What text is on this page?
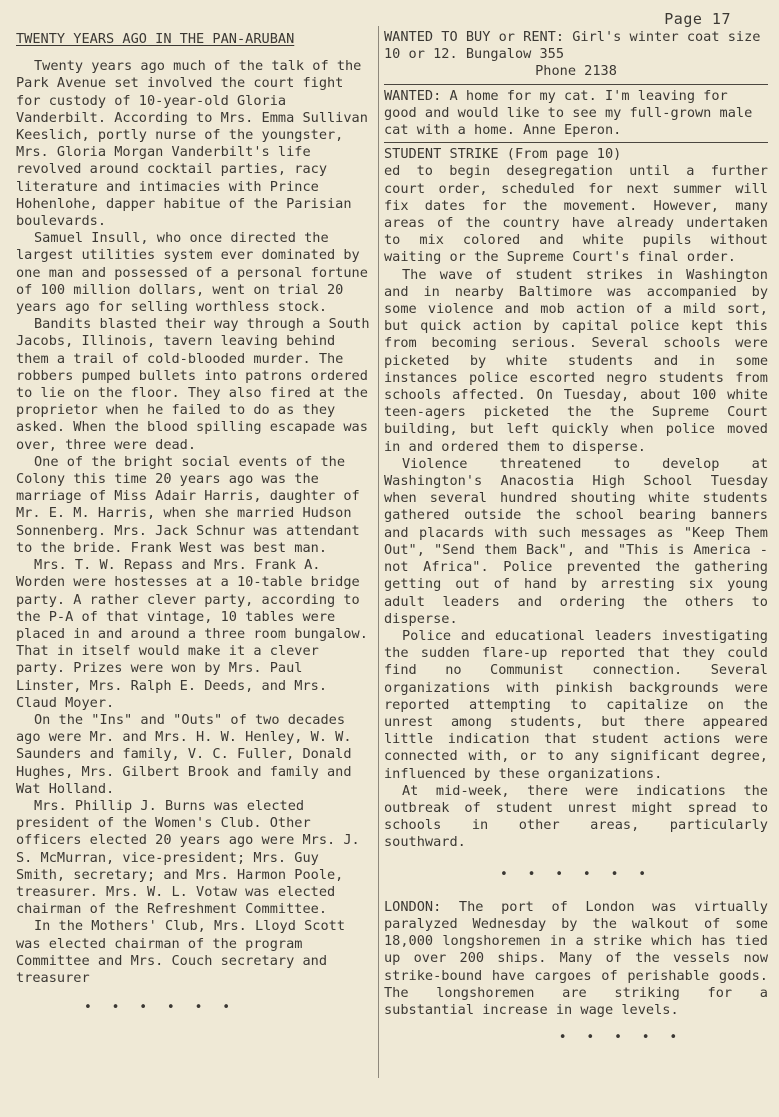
Page 17
TWENTY YEARS AGO IN THE PAN-ARUBAN

Twenty years ago much of the talk of the Park Avenue set involved the court fight for custody of 10-year-old Gloria Vanderbilt. According to Mrs. Emma Sullivan Keeslich, portly nurse of the youngster, Mrs. Gloria Morgan Vanderbilt's life revolved around cocktail parties, racy literature and intimacies with Prince Hohenlohe, dapper habitue of the Parisian boulevards.

Samuel Insull, who once directed the largest utilities system ever dominated by one man and possessed of a personal fortune of 100 million dollars, went on trial 20 years ago for selling worthless stock.

Bandits blasted their way through a South Jacobs, Illinois, tavern leaving behind them a trail of cold-blooded murder. The robbers pumped bullets into patrons ordered to lie on the floor. They also fired at the proprietor when he failed to do as they asked. When the blood spilling escapade was over, three were dead.

One of the bright social events of the Colony this time 20 years ago was the marriage of Miss Adair Harris, daughter of Mr. E. M. Harris, when she married Hudson Sonnenberg. Mrs. Jack Schnur was attendant to the bride. Frank West was best man.

Mrs. T. W. Repass and Mrs. Frank A. Worden were hostesses at a 10-table bridge party. A rather clever party, according to the P-A of that vintage, 10 tables were placed in and around a three room bungalow. That in itself would make it a clever party. Prizes were won by Mrs. Paul Linster, Mrs. Ralph E. Deeds, and Mrs. Claud Moyer.

On the "Ins" and "Outs" of two decades ago were Mr. and Mrs. H. W. Henley, W. W. Saunders and family, V. C. Fuller, Donald Hughes, Mrs. Gilbert Brook and family and Wat Holland.

Mrs. Phillip J. Burns was elected president of the Women's Club. Other officers elected 20 years ago were Mrs. J. S. McMurran, vice-president; Mrs. Guy Smith, secretary; and Mrs. Harmon Poole, treasurer. Mrs. W. L. Votaw was elected chairman of the Refreshment Committee.

In the Mothers' Club, Mrs. Lloyd Scott was elected chairman of the program Committee and Mrs. Couch secretary and treasurer

• • • • • •

WANTED TO BUY or RENT: Girl's winter coat size 10 or 12. Bungalow 355

Phone 2138

WANTED: A home for my cat. I'm leaving for good and would like to see my full-grown male cat with a home. Anne Eperon.

STUDENT STRIKE (From page 10)

ed to begin desegregation until a further court order, scheduled for next summer will fix dates for the movement. However, many areas of the country have already undertaken to mix colored and white pupils without waiting or the Supreme Court's final order.

The wave of student strikes in Washington and in nearby Baltimore was accompanied by some violence and mob action of a mild sort, but quick action by capital police kept this from becoming serious. Several schools were picketed by white students and in some instances police escorted negro students from schools affected. On Tuesday, about 100 white teen-agers picketed the the Supreme Court building, but left quickly when police moved in and ordered them to disperse.

Violence threatened to develop at Washington's Anacostia High School Tuesday when several hundred shouting white students gathered outside the school bearing banners and placards with such messages as "Keep Them Out", "Send them Back", and "This is America - not Africa". Police prevented the gathering getting out of hand by arresting six young adult leaders and ordering the others to disperse.

Police and educational leaders investigating the sudden flare-up reported that they could find no Communist connection. Several organizations with pinkish backgrounds were reported attempting to capitalize on the unrest among students, but there appeared little indication that student actions were connected with, or to any significant degree, influenced by these organizations.

At mid-week, there were indications the outbreak of student unrest might spread to schools in other areas, particularly southward.

• • • • • •

LONDON: The port of London was virtually paralyzed Wednesday by the walkout of some 18,000 longshoremen in a strike which has tied up over 200 ships. Many of the vessels now strike-bound have cargoes of perishable goods. The longshoremen are striking for a substantial increase in wage levels.

• • • • •
